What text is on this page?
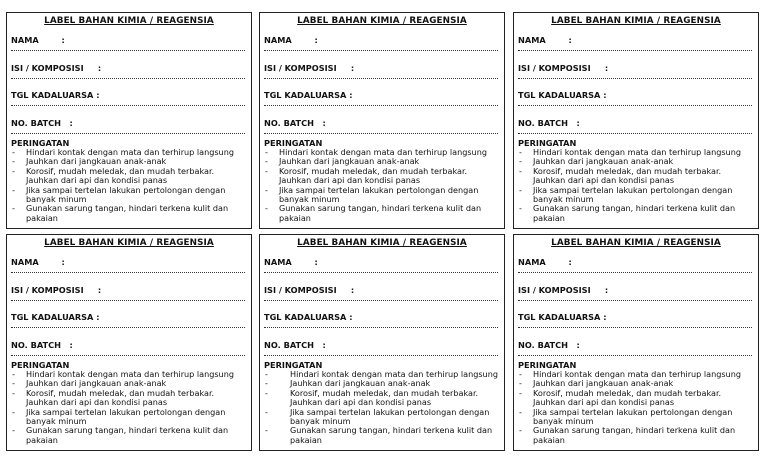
LABEL BAHAN KIMIA / REAGENSIA
NAMA        :
ISI / KOMPOSISI     :
TGL KADALUARSA :
NO. BATCH   :
PERINGATAN
- Hindari kontak dengan mata dan terhirup langsung
- Jauhkan dari jangkauan anak-anak
- Korosif, mudah meledak, dan mudah terbakar. Jauhkan dari api dan kondisi panas
- Jika sampai tertelan lakukan pertolongan dengan banyak minum
- Gunakan sarung tangan, hindari terkena kulit dan pakaian
LABEL BAHAN KIMIA / REAGENSIA
NAMA        :
ISI / KOMPOSISI     :
TGL KADALUARSA :
NO. BATCH   :
PERINGATAN
- Hindari kontak dengan mata dan terhirup langsung
- Jauhkan dari jangkauan anak-anak
- Korosif, mudah meledak, dan mudah terbakar. Jauhkan dari api dan kondisi panas
- Jika sampai tertelan lakukan pertolongan dengan banyak minum
- Gunakan sarung tangan, hindari terkena kulit dan pakaian
LABEL BAHAN KIMIA / REAGENSIA
NAMA        :
ISI / KOMPOSISI     :
TGL KADALUARSA :
NO. BATCH   :
PERINGATAN
- Hindari kontak dengan mata dan terhirup langsung
- Jauhkan dari jangkauan anak-anak
- Korosif, mudah meledak, dan mudah terbakar. Jauhkan dari api dan kondisi panas
- Jika sampai tertelan lakukan pertolongan dengan banyak minum
- Gunakan sarung tangan, hindari terkena kulit dan pakaian
LABEL BAHAN KIMIA / REAGENSIA
NAMA        :
ISI / KOMPOSISI     :
TGL KADALUARSA :
NO. BATCH   :
PERINGATAN
- Hindari kontak dengan mata dan terhirup langsung
- Jauhkan dari jangkauan anak-anak
- Korosif, mudah meledak, dan mudah terbakar. Jauhkan dari api dan kondisi panas
- Jika sampai tertelan lakukan pertolongan dengan banyak minum
- Gunakan sarung tangan, hindari terkena kulit dan pakaian
LABEL BAHAN KIMIA / REAGENSIA
NAMA        :
ISI / KOMPOSISI     :
TGL KADALUARSA :
NO. BATCH   :
PERINGATAN
-	Hindari kontak dengan mata dan terhirup langsung
-	Jauhkan dari jangkauan anak-anak
-	Korosif, mudah meledak, dan mudah terbakar. Jauhkan dari api dan kondisi panas
-	Jika sampai tertelan lakukan pertolongan dengan banyak minum
-	Gunakan sarung tangan, hindari terkena kulit dan pakaian
LABEL BAHAN KIMIA / REAGENSIA
NAMA        :
ISI / KOMPOSISI     :
TGL KADALUARSA :
NO. BATCH   :
PERINGATAN
- Hindari kontak dengan mata dan terhirup langsung
- Jauhkan dari jangkauan anak-anak
- Korosif, mudah meledak, dan mudah terbakar. Jauhkan dari api dan kondisi panas
- Jika sampai tertelan lakukan pertolongan dengan banyak minum
- Gunakan sarung tangan, hindari terkena kulit dan pakaian
